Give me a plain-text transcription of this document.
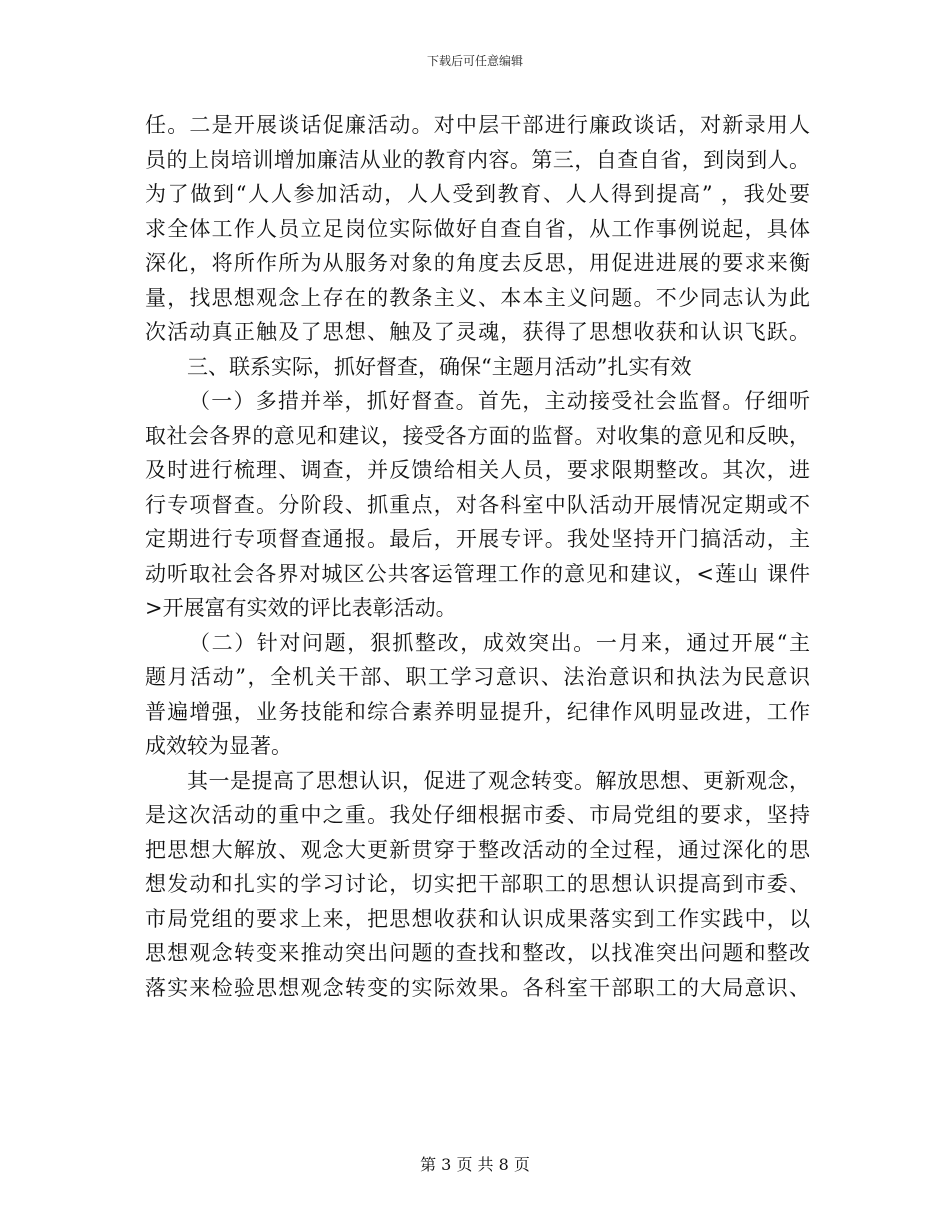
下载后可任意编辑
任。二是开展谈话促廉活动。对中层干部进行廉政谈话，对新录用人
员的上岗培训增加廉洁从业的教育内容。第三，自查自省，到岗到人。
为了做到“人人参加活动，人人受到教育、人人得到提高” ，我处要
求全体工作人员立足岗位实际做好自查自省，从工作事例说起，具体
深化，将所作所为从服务对象的角度去反思，用促进进展的要求来衡
量，找思想观念上存在的教条主义、本本主义问题。不少同志认为此
次活动真正触及了思想、触及了灵魂，获得了思想收获和认识飞跃。
三、联系实际，抓好督查，确保“主题月活动”扎实有效
（一）多措并举，抓好督查。首先，主动接受社会监督。仔细听
取社会各界的意见和建议，接受各方面的监督。对收集的意见和反映，
及时进行梳理、调查，并反馈给相关人员，要求限期整改。其次，进
行专项督查。分阶段、抓重点，对各科室中队活动开展情况定期或不
定期进行专项督查通报。最后，开展专评。我处坚持开门搞活动，主
动听取社会各界对城区公共客运管理工作的意见和建议，<莲山 课件
>开展富有实效的评比表彰活动。
（二）针对问题，狠抓整改，成效突出。一月来，通过开展“主
题月活动”，全机关干部、职工学习意识、法治意识和执法为民意识
普遍增强，业务技能和综合素养明显提升，纪律作风明显改进，工作
成效较为显著。
其一是提高了思想认识，促进了观念转变。解放思想、更新观念，
是这次活动的重中之重。我处仔细根据市委、市局党组的要求，坚持
把思想大解放、观念大更新贯穿于整改活动的全过程，通过深化的思
想发动和扎实的学习讨论，切实把干部职工的思想认识提高到市委、
市局党组的要求上来，把思想收获和认识成果落实到工作实践中，以
思想观念转变来推动突出问题的查找和整改，以找准突出问题和整改
落实来检验思想观念转变的实际效果。各科室干部职工的大局意识、
第 3 页 共 8 页
